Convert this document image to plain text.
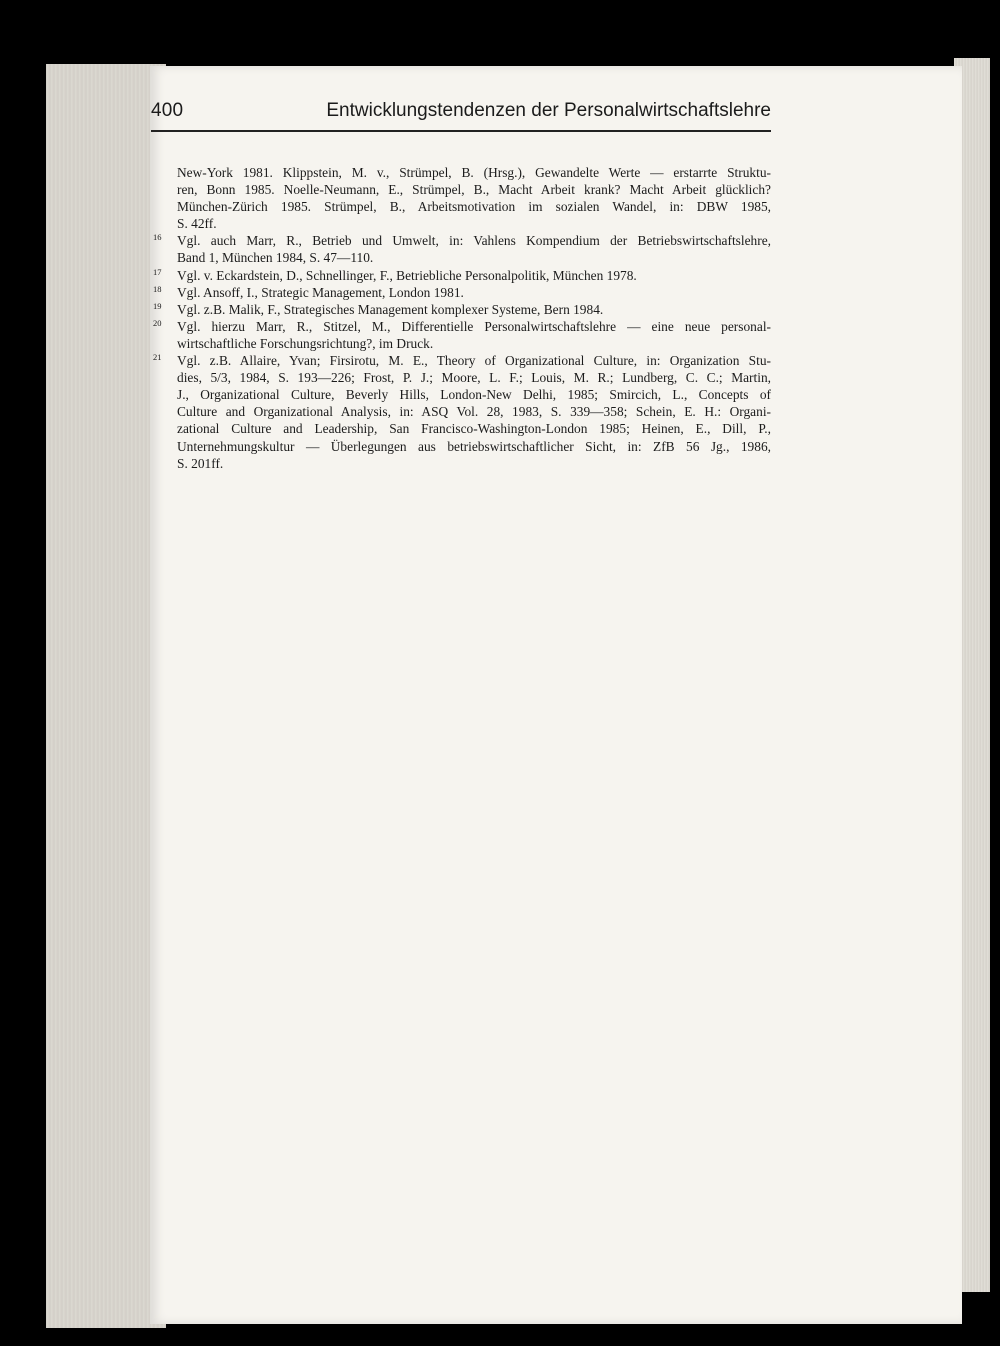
400	Entwicklungstendenzen der Personalwirtschaftslehre
New-York 1981. Klippstein, M. v., Strümpel, B. (Hrsg.), Gewandelte Werte — erstarrte Struktu-
ren, Bonn 1985. Noelle-Neumann, E., Strümpel, B., Macht Arbeit krank? Macht Arbeit glücklich?
München-Zürich 1985. Strümpel, B., Arbeitsmotivation im sozialen Wandel, in: DBW 1985,
S. 42ff.
16 Vgl. auch Marr, R., Betrieb und Umwelt, in: Vahlens Kompendium der Betriebswirtschaftslehre,
Band 1, München 1984, S. 47—110.
17 Vgl. v. Eckardstein, D., Schnellinger, F., Betriebliche Personalpolitik, München 1978.
18 Vgl. Ansoff, I., Strategic Management, London 1981.
19 Vgl. z.B. Malik, F., Strategisches Management komplexer Systeme, Bern 1984.
20 Vgl. hierzu Marr, R., Stitzel, M., Differentielle Personalwirtschaftslehre — eine neue personal-
wirtschaftliche Forschungsrichtung?, im Druck.
21 Vgl. z.B. Allaire, Yvan; Firsirotu, M. E., Theory of Organizational Culture, in: Organization Stu-
dies, 5/3, 1984, S. 193—226; Frost, P. J.; Moore, L. F.; Louis, M. R.; Lundberg, C. C.; Martin,
J., Organizational Culture, Beverly Hills, London-New Delhi, 1985; Smircich, L., Concepts of
Culture and Organizational Analysis, in: ASQ Vol. 28, 1983, S. 339—358; Schein, E. H.: Organi-
zational Culture and Leadership, San Francisco-Washington-London 1985; Heinen, E., Dill, P.,
Unternehmungskultur — Überlegungen aus betriebswirtschaftlicher Sicht, in: ZfB 56 Jg., 1986,
S. 201ff.
